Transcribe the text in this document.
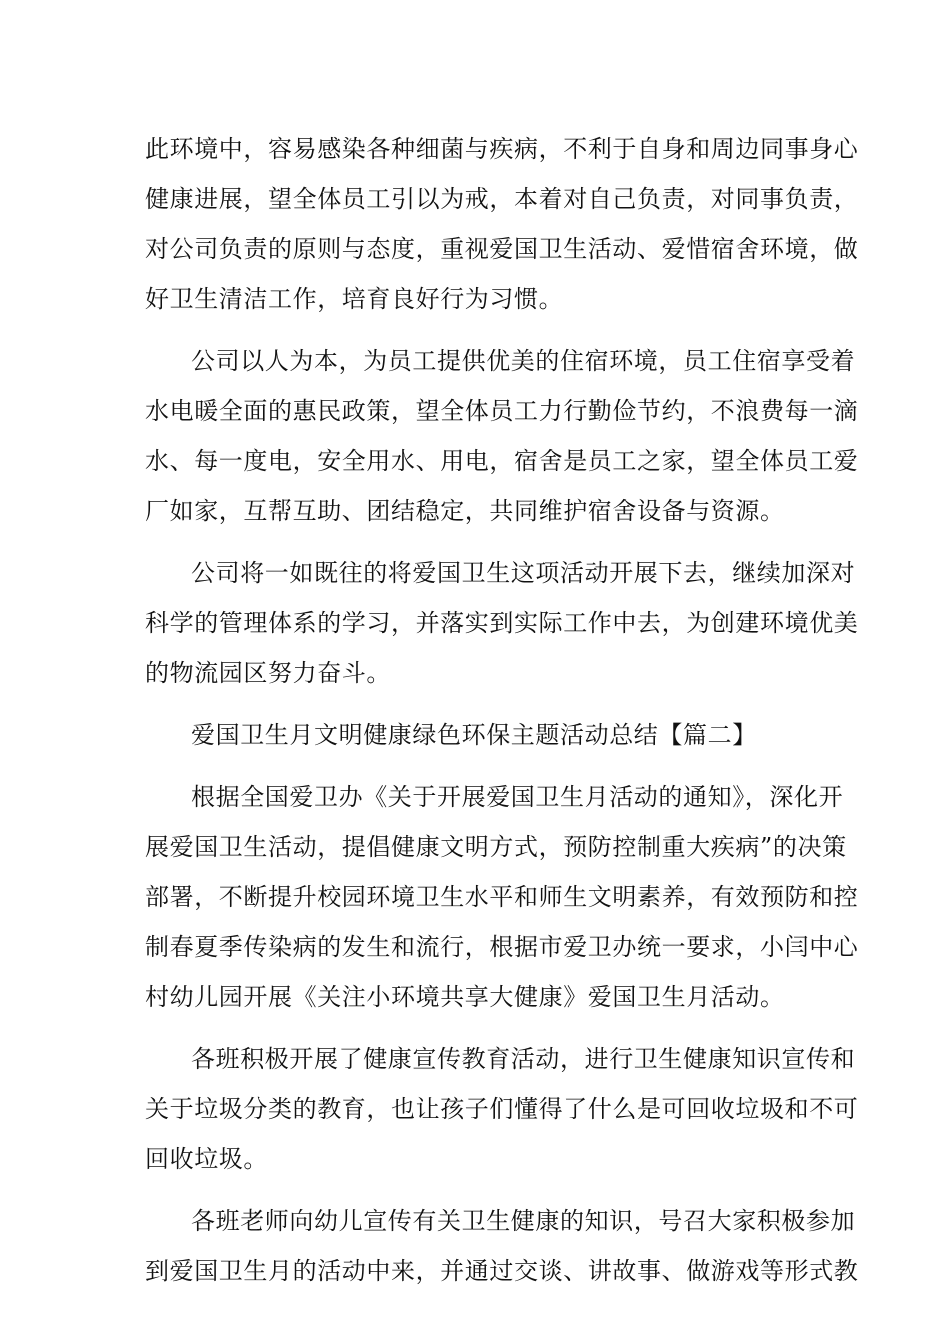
此环境中，容易感染各种细菌与疾病，不利于自身和周边同事身心
健康进展，望全体员工引以为戒，本着对自己负责，对同事负责，
对公司负责的原则与态度，重视爱国卫生活动、爱惜宿舍环境，做
好卫生清洁工作，培育良好行为习惯。
公司以人为本，为员工提供优美的住宿环境，员工住宿享受着
水电暖全面的惠民政策，望全体员工力行勤俭节约，不浪费每一滴
水、每一度电，安全用水、用电，宿舍是员工之家，望全体员工爱
厂如家，互帮互助、团结稳定，共同维护宿舍设备与资源。
公司将一如既往的将爱国卫生这项活动开展下去，继续加深对
科学的管理体系的学习，并落实到实际工作中去，为创建环境优美
的物流园区努力奋斗。
爱国卫生月文明健康绿色环保主题活动总结【篇二】
根据全国爱卫办《关于开展爱国卫生月活动的通知》，深化开
展爱国卫生活动，提倡健康文明方式，预防控制重大疾病”的决策
部署，不断提升校园环境卫生水平和师生文明素养，有效预防和控
制春夏季传染病的发生和流行，根据市爱卫办统一要求，小闫中心
村幼儿园开展《关注小环境共享大健康》爱国卫生月活动。
各班积极开展了健康宣传教育活动，进行卫生健康知识宣传和
关于垃圾分类的教育，也让孩子们懂得了什么是可回收垃圾和不可
回收垃圾。
各班老师向幼儿宣传有关卫生健康的知识，号召大家积极参加
到爱国卫生月的活动中来，并通过交谈、讲故事、做游戏等形式教
